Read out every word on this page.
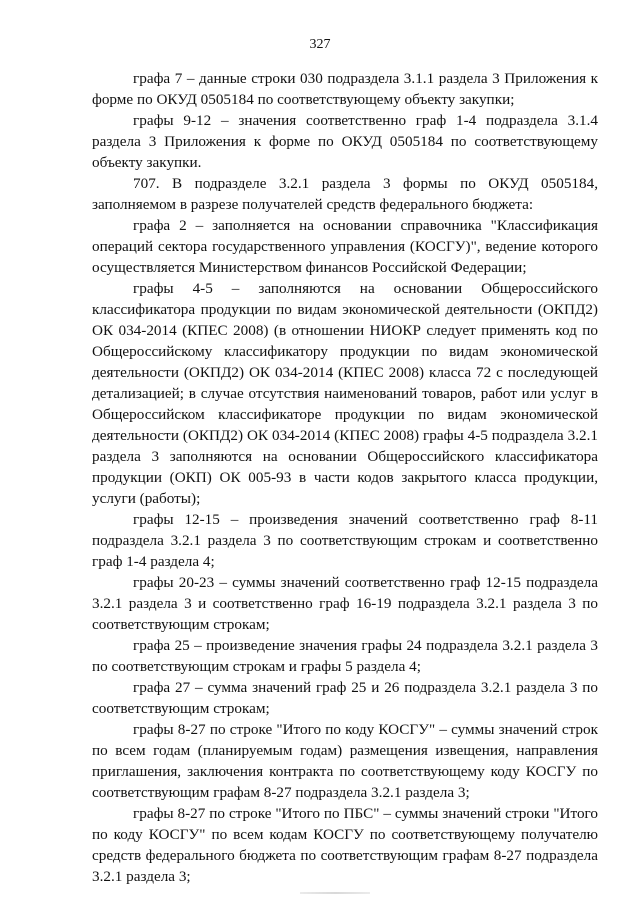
327

графа 7 – данные строки 030 подраздела 3.1.1 раздела 3 Приложения к форме по ОКУД 0505184 по соответствующему объекту закупки;

графы 9-12 – значения соответственно граф 1-4 подраздела 3.1.4 раздела 3 Приложения к форме по ОКУД 0505184 по соответствующему объекту закупки.

707. В подразделе 3.2.1 раздела 3 формы по ОКУД 0505184, заполняемом в разрезе получателей средств федерального бюджета:

графа 2 – заполняется на основании справочника "Классификация операций сектора государственного управления (КОСГУ)", ведение которого осуществляется Министерством финансов Российской Федерации;

графы 4-5 – заполняются на основании Общероссийского классификатора продукции по видам экономической деятельности (ОКПД2) ОК 034-2014 (КПЕС 2008) (в отношении НИОКР следует применять код по Общероссийскому классификатору продукции по видам экономической деятельности (ОКПД2) ОК 034-2014 (КПЕС 2008) класса 72 с последующей детализацией; в случае отсутствия наименований товаров, работ или услуг в Общероссийском классификаторе продукции по видам экономической деятельности (ОКПД2) ОК 034-2014 (КПЕС 2008) графы 4-5 подраздела 3.2.1 раздела 3 заполняются на основании Общероссийского классификатора продукции (ОКП) ОК 005-93 в части кодов закрытого класса продукции, услуги (работы);

графы 12-15 – произведения значений соответственно граф 8-11 подраздела 3.2.1 раздела 3 по соответствующим строкам и соответственно граф 1-4 раздела 4;

графы 20-23 – суммы значений соответственно граф 12-15 подраздела 3.2.1 раздела 3 и соответственно граф 16-19 подраздела 3.2.1 раздела 3 по соответствующим строкам;

графа 25 – произведение значения графы 24 подраздела 3.2.1 раздела 3 по соответствующим строкам и графы 5 раздела 4;

графа 27 – сумма значений граф 25 и 26 подраздела 3.2.1 раздела 3 по соответствующим строкам;

графы 8-27 по строке "Итого по коду КОСГУ" – суммы значений строк по всем годам (планируемым годам) размещения извещения, направления приглашения, заключения контракта по соответствующему коду КОСГУ по соответствующим графам 8-27 подраздела 3.2.1 раздела 3;

графы 8-27 по строке "Итого по ПБС" – суммы значений строки "Итого по коду КОСГУ" по всем кодам КОСГУ по соответствующему получателю средств федерального бюджета по соответствующим графам 8-27 подраздела 3.2.1 раздела 3;
